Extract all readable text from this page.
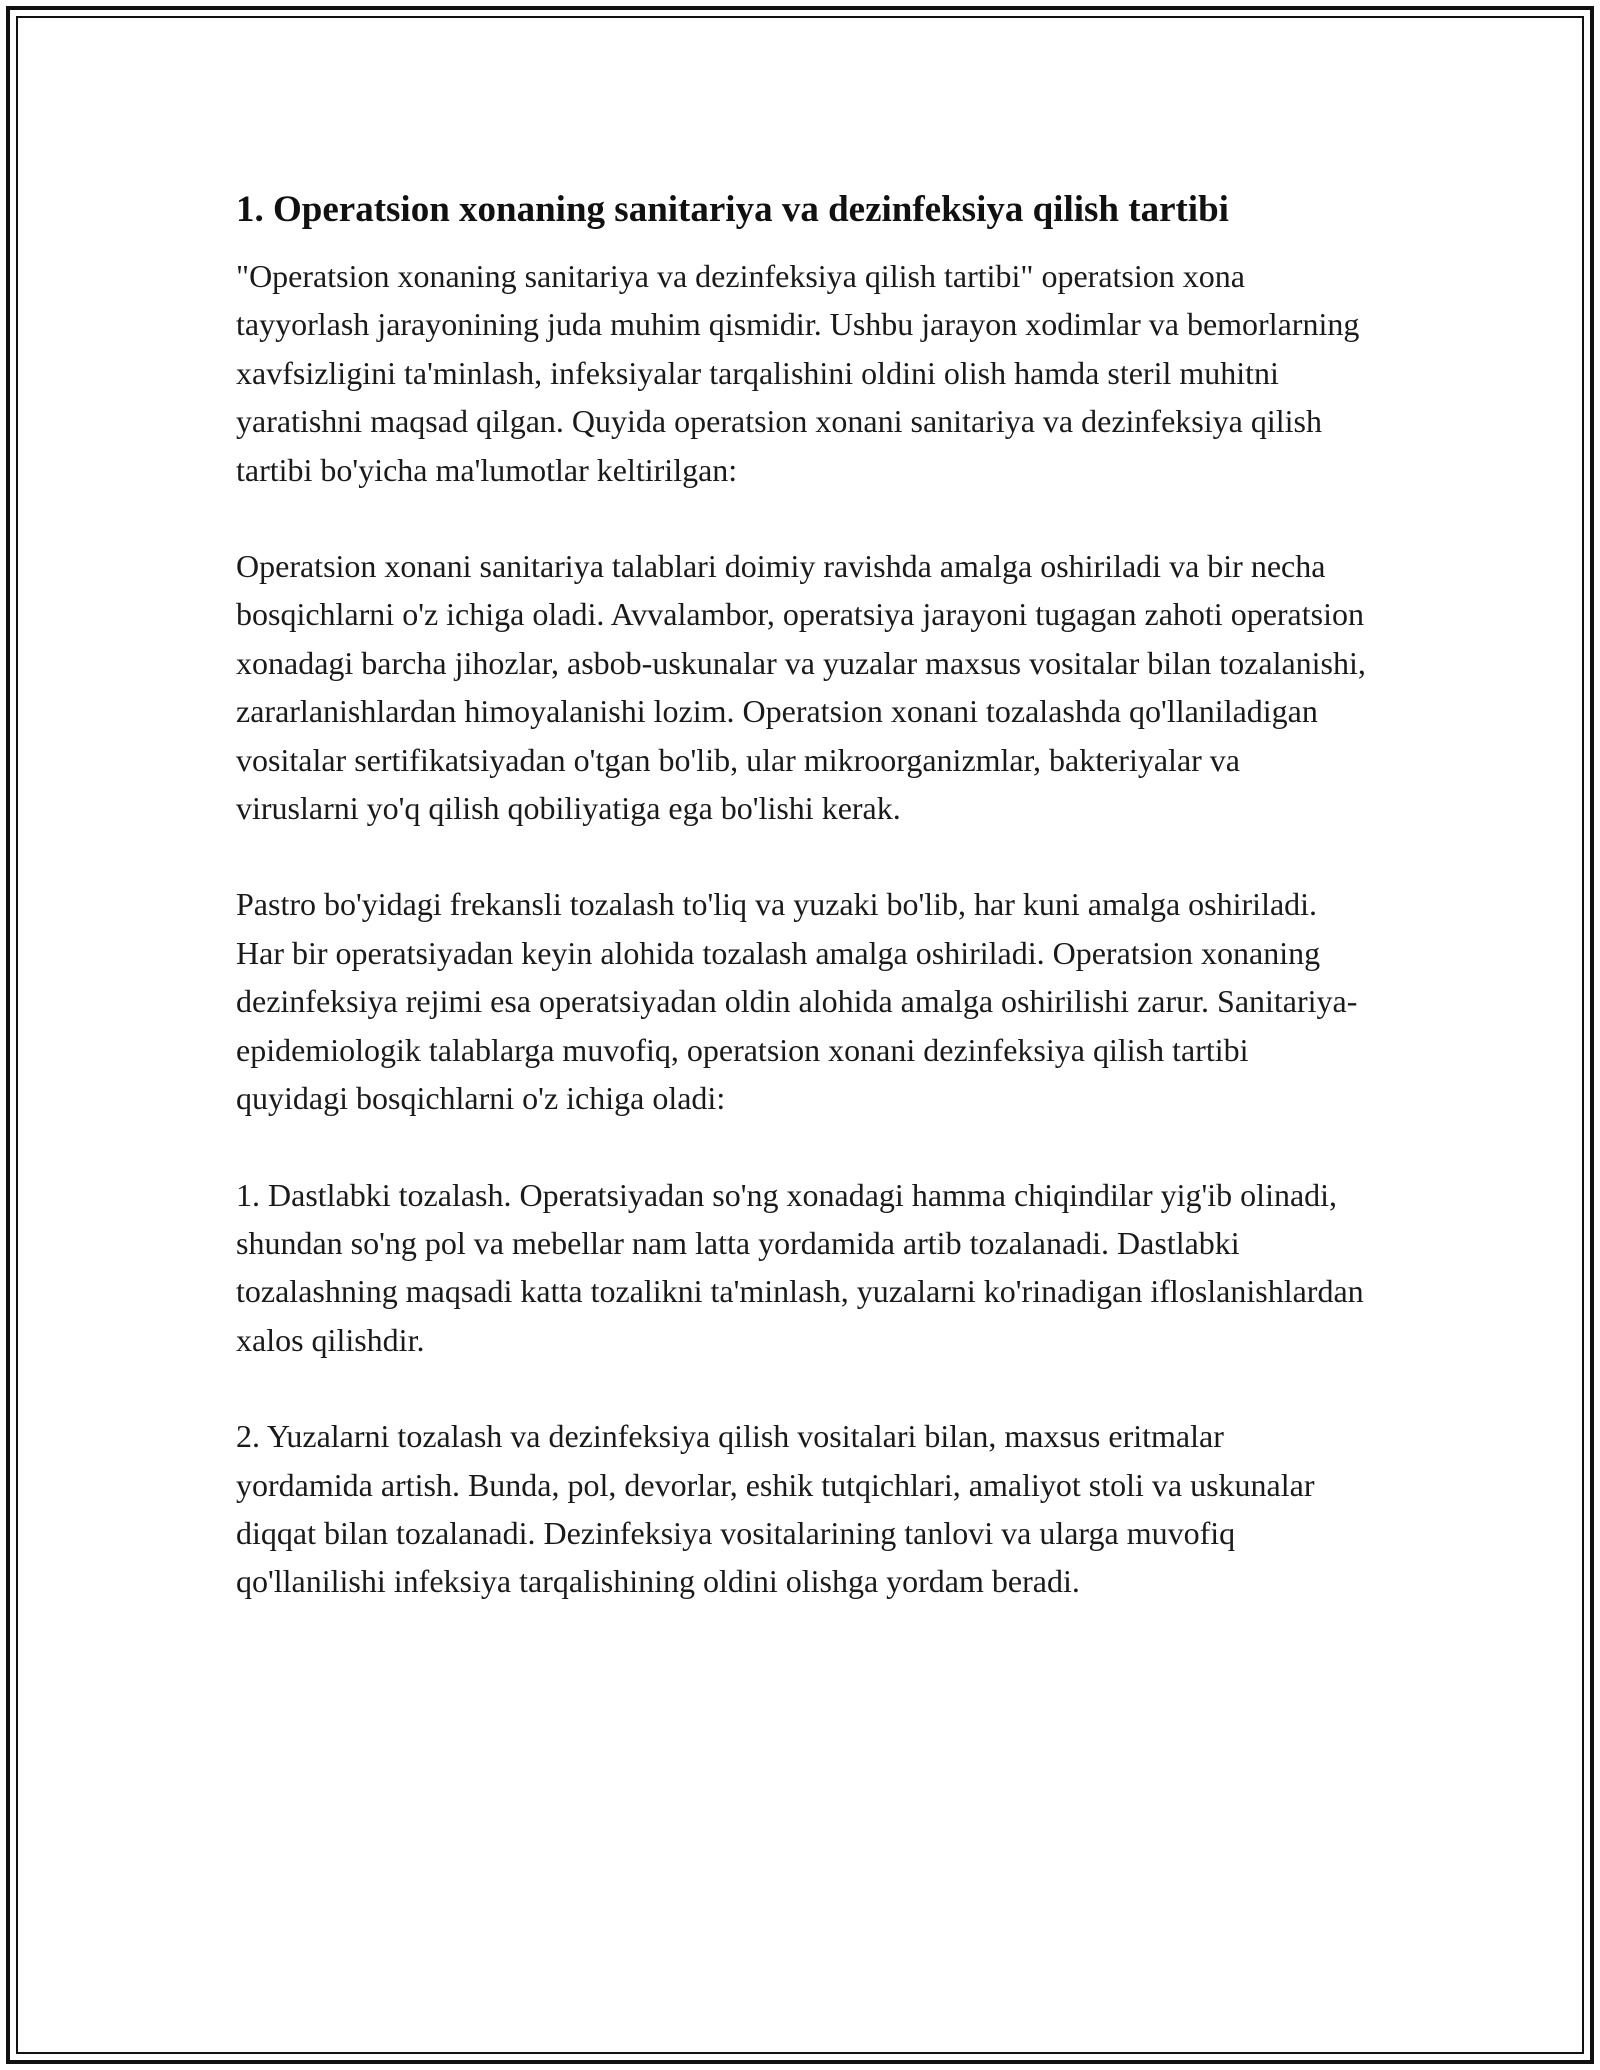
1. Operatsion xonaning sanitariya va dezinfeksiya qilish tartibi

"Operatsion xonaning sanitariya va dezinfeksiya qilish tartibi" operatsion xona tayyorlash jarayonining juda muhim qismidir. Ushbu jarayon xodimlar va bemorlarning xavfsizligini ta'minlash, infeksiyalar tarqalishini oldini olish hamda steril muhitni yaratishni maqsad qilgan. Quyida operatsion xonani sanitariya va dezinfeksiya qilish tartibi bo'yicha ma'lumotlar keltirilgan:

Operatsion xonani sanitariya talablari doimiy ravishda amalga oshiriladi va bir necha bosqichlarni o'z ichiga oladi. Avvalambor, operatsiya jarayoni tugagan zahoti operatsion xonadagi barcha jihozlar, asbob-uskunalar va yuzalar maxsus vositalar bilan tozalanishi, zararlanishlardan himoyalanishi lozim. Operatsion xonani tozalashda qo'llaniladigan vositalar sertifikatsiyadan o'tgan bo'lib, ular mikroorganizmlar, bakteriyalar va viruslarni yo'q qilish qobiliyatiga ega bo'lishi kerak.

Pastro bo'yidagi frekansli tozalash to'liq va yuzaki bo'lib, har kuni amalga oshiriladi. Har bir operatsiyadan keyin alohida tozalash amalga oshiriladi. Operatsion xonaning dezinfeksiya rejimi esa operatsiyadan oldin alohida amalga oshirilishi zarur. Sanitariya-epidemiologik talablarga muvofiq, operatsion xonani dezinfeksiya qilish tartibi quyidagi bosqichlarni o'z ichiga oladi:

1. Dastlabki tozalash. Operatsiyadan so'ng xonadagi hamma chiqindilar yig'ib olinadi, shundan so'ng pol va mebellar nam latta yordamida artib tozalanadi. Dastlabki tozalashning maqsadi katta tozalikni ta'minlash, yuzalarni ko'rinadigan ifloslanishlardan xalos qilishdir.

2. Yuzalarni tozalash va dezinfeksiya qilish vositalari bilan, maxsus eritmalar yordamida artish. Bunda, pol, devorlar, eshik tutqichlari, amaliyot stoli va uskunalar diqqat bilan tozalanadi. Dezinfeksiya vositalarining tanlovi va ularga muvofiq qo'llanilishi infeksiya tarqalishining oldini olishga yordam beradi.
